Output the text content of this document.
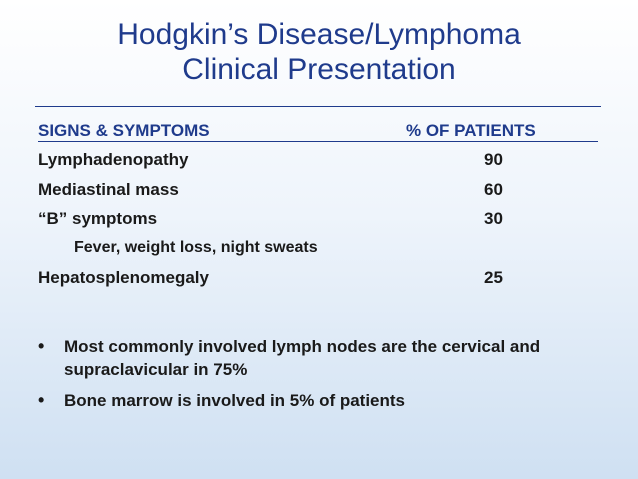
Hodgkin’s Disease/Lymphoma
Clinical Presentation
SIGNS & SYMPTOMS	% OF PATIENTS
Lymphadenopathy	90
Mediastinal mass	60
“B” symptoms	30
Fever, weight loss, night sweats
Hepatosplenomegaly	25
• Most commonly involved lymph nodes are the cervical and supraclavicular in 75%
• Bone marrow is involved in 5% of patients
